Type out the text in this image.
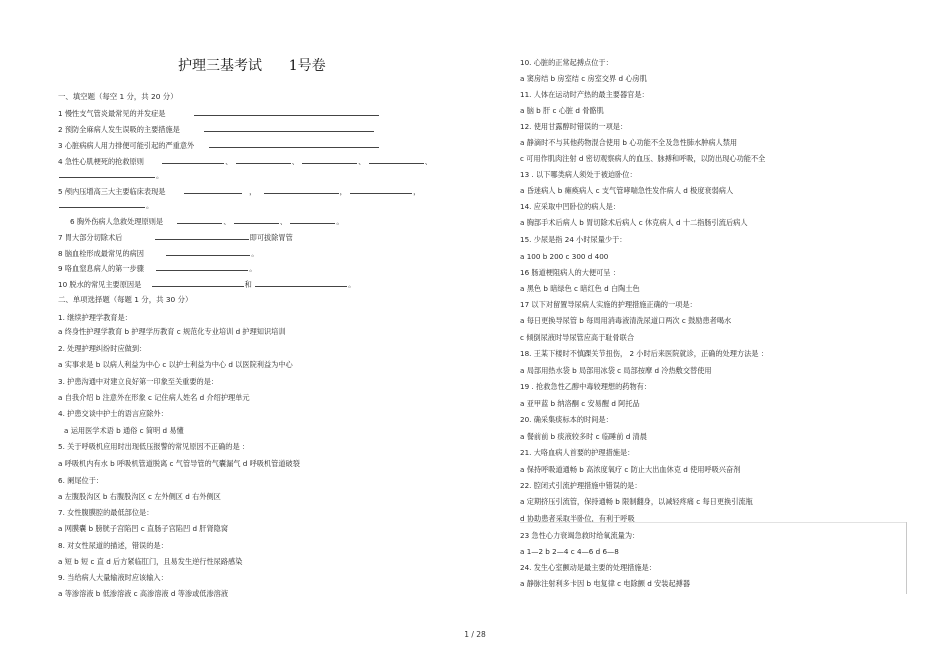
护理三基考试      1号卷
一、填空题（每空 1 分，共 20 分）
1 慢性支气管炎最常见的并发症是
2 预防全麻病人发生误吸的主要措施是
3 心脏病病人用力排便可能引起的严重意外
4 急性心肌梗死的抢救原则	、	、	、	、
。
5 颅内压增高三大主要临床表现是	，	，	，
。
6 胸外伤病人急救处理原则是	、	、	。
7 胃大部分切除术后	即可拔除胃管
8 脑血栓形成最常见的病因	。
9 咯血窒息病人的第一步骤	。
10 脱水的常见主要原因是	和	。
二、单项选择题（每题 1 分，共 30 分）
1. 继续护理学教育是：
a 终身性护理学教育 b 护理学历教育 c 规范化专业培训 d 护理知识培训
2. 处理护理纠纷时应做到：
a 实事求是 b 以病人利益为中心 c 以护士利益为中心 d 以医院利益为中心
3. 护患沟通中对建立良好第一印象至关重要的是：
a 自我介绍 b 注意外在形象 c 记住病人姓名 d 介绍护理单元
4. 护患交谈中护士的语言应除外：
a 运用医学术语 b 通俗 c 简明 d 易懂
5. 关于呼吸机应用时出现低压报警的常见原因不正确的是 ：
a 呼吸机内有水 b 呼吸机管道脱离 c 气管导管的气囊漏气 d 呼吸机管道破裂
6. 阑尾位于：
a 左腹股沟区 b 右腹股沟区 c 左外侧区 d 右外侧区
7. 女性腹膜腔的最低部位是：
a 网膜囊 b 膀胱子宫陷凹 c 直肠子宫陷凹 d 肝肾隐窝
8. 对女性尿道的描述，错误的是：
a 短 b 短 c 直 d 后方紧临肛门，且易发生逆行性尿路感染
9. 当给病人大量输液时应该输入：
a 等渗溶液 b 低渗溶液 c 高渗溶液 d 等渗或低渗溶液
10. 心脏的正常起搏点位于：
a 窦房结 b 房室结 c 房室交界 d 心房肌
11. 人体在运动时产热的最主要器官是：
a 脑 b 肝 c 心脏 d 骨骼肌
12. 使用甘露醇时错误的一项是：
a 静滴时不与其他药物混合使用 b 心功能不全及急性肺水肿病人禁用
c 可用作肌肉注射 d 密切观察病人的血压、脉搏和呼吸，以防出现心功能不全
13 . 以下哪类病人须处于被迫卧位：
a 昏迷病人 b 瘫痪病人 c 支气管哮喘急性发作病人 d 极度衰弱病人
14. 应采取中凹卧位的病人是：
a 胸部手术后病人 b 胃切除术后病人 c 休克病人 d 十二指肠引流后病人
15. 少尿是指 24 小时尿量少于：
a 100 b 200 c 300 d 400
16 肠道梗阻病人的大便可呈 ：
a 黑色 b 暗绿色 c 暗红色 d 白陶土色
17 以下对留置导尿病人实施的护理措施正确的一项是：
a 每日更换导尿管 b 每周用消毒液清洗尿道口两次 c 鼓励患者喝水
c 倾倒尿液时导尿管应高于耻骨联合
18. 王某下楼时不慎踝关节扭伤， 2 小时后来医院就诊，正确的处理方法是 ：
a 局部用热水袋 b 局部用冰袋 c 局部按摩 d 冷热敷交替使用
19 . 抢救急性乙醇中毒较理想的药物有：
a 亚甲蓝 b 纳洛酮 c 安易醒 d 阿托品
20. 确采集痰标本的时间是：
a 餐前前 b 痰液较多时 c 临睡前 d 清晨
21. 大咯血病人首要的护理措施是：
a 保持呼吸道通畅 b 高浓度氧疗 c 防止大出血休克 d 使用呼吸兴奋剂
22. 腔闭式引流护理措施中错误的是：
a 定期挤压引流管，保持通畅 b 限制翻身，以减轻疼痛 c 每日更换引流瓶
d 协助患者采取半卧位，有利于呼吸
23 急性心力衰竭急救时给氧流量为：
a 1—2 b 2—4 c 4—6 d 6—8
24. 发生心室颤动是最主要的处理措施是：
a 静脉注射利多卡因 b 电复律 c 电除颤 d 安装起搏器
1 / 28
